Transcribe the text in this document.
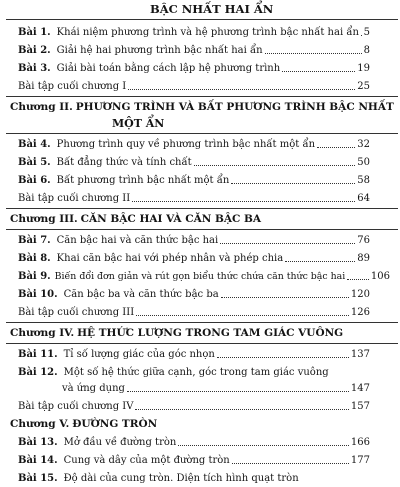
BẬC NHẤT HAI ẨN
Bài 1. Khái niệm phương trình và hệ phương trình bậc nhất hai ẩn 5
Bài 2. Giải hệ hai phương trình bậc nhất hai ẩn	8
Bài 3. Giải bài toán bằng cách lập hệ phương trình	19
Bài tập cuối chương I	25
Chương II. PHƯƠNG TRÌNH VÀ BẤT PHƯƠNG TRÌNH BẬC NHẤT
MỘT ẨN
Bài 4. Phương trình quy về phương trình bậc nhất một ẩn	32
Bài 5. Bất đẳng thức và tính chất	50
Bài 6. Bất phương trình bậc nhất một ẩn	58
Bài tập cuối chương II	64
Chương III. CĂN BẬC HAI VÀ CĂN BẬC BA
Bài 7. Căn bậc hai và căn thức bậc hai	76
Bài 8. Khai căn bậc hai với phép nhân và phép chia	89
Bài 9. Biến đổi đơn giản và rút gọn biểu thức chứa căn thức bậc hai	106
Bài 10. Căn bậc ba và căn thức bậc ba	120
Bài tập cuối chương III	126
Chương IV. HỆ THỨC LƯỢNG TRONG TAM GIÁC VUÔNG
Bài 11. Tỉ số lượng giác của góc nhọn	137
Bài 12. Một số hệ thức giữa cạnh, góc trong tam giác vuông
và ứng dụng	147
Bài tập cuối chương IV	157
Chương V. ĐƯỜNG TRÒN
Bài 13. Mở đầu về đường tròn	166
Bài 14. Cung và dây của một đường tròn	177
Bài 15. Độ dài của cung tròn. Diện tích hình quạt tròn
